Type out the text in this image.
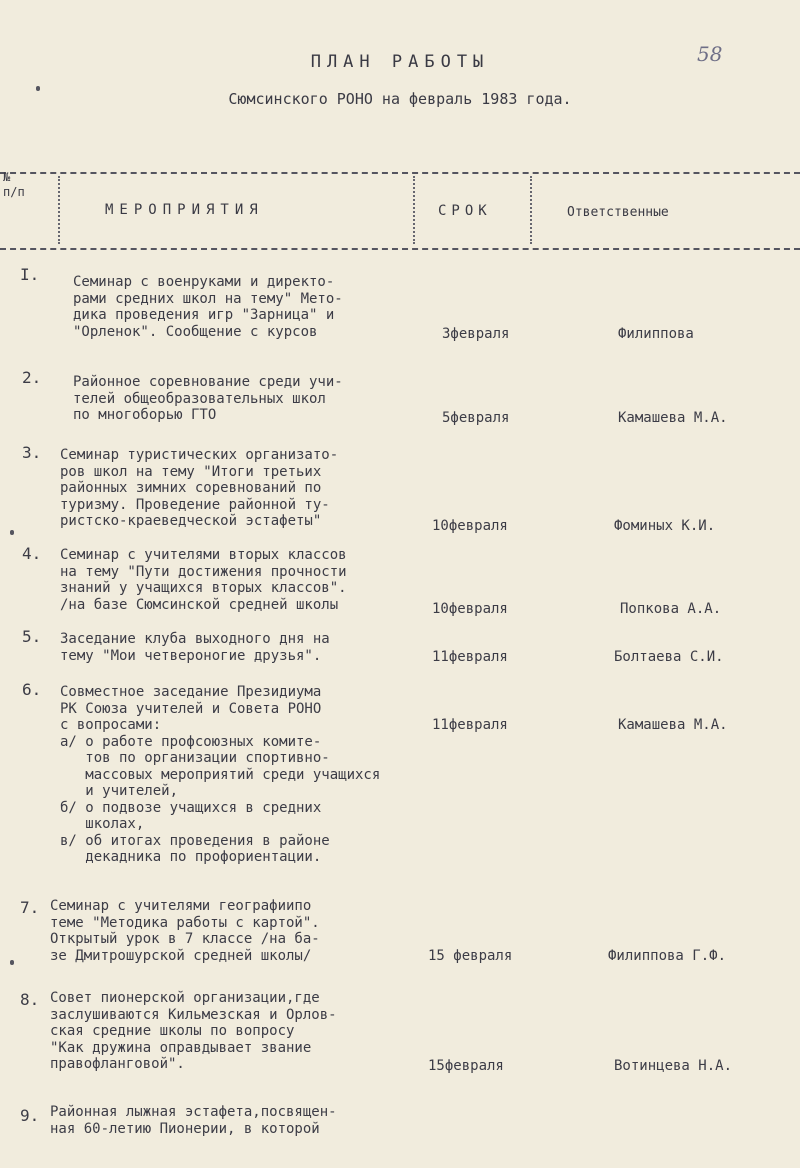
58
ПЛАН РАБОТЫ
Сюмсинского РОНО на февраль 1983 года.
№
п/п
МЕРОПРИЯТИЯ	СРОК	Ответственные
I. Семинар с военруками и директо-
рами средних школ на тему" Мето-
дика проведения игр "Зарница" и
"Орленок". Сообщение с курсов	3февраля	Филиппова
2. Районное соревнование среди учи-
телей общеобразовательных школ
по многоборью ГТО	5февраля	Камашева М.А.
3. Семинар туристических организато-
ров школ на тему "Итоги третьих
районных зимних соревнований по
туризму. Проведение районной ту-
ристско-краеведческой эстафеты"	10февраля	Фоминых К.И.
4. Семинар с учителями вторых классов
на тему "Пути достижения прочности
знаний у учащихся вторых классов".
/на базе Сюмсинской средней школы	10февраля	Попкова А.А.
5. Заседание клуба выходного дня на
тему "Мои четвероногие друзья".	11февраля	Болтаева С.И.
6. Совместное заседание Президиума
РК Союза учителей и Совета РОНО
с вопросами:
а/ о работе профсоюзных комите-
тов по организации спортивно-
массовых мероприятий среди учащихся
и учителей,
б/ о подвозе учащихся в средних
школах,
в/ об итогах проведения в районе
декадника по профориентации.
11февраля	Камашева М.А.
7. Семинар с учителями географиипо
теме "Методика работы с картой".
Открытый урок в 7 классе /на ба-
зе Дмитрошурской средней школы/	15 февраля	Филиппова Г.Ф.
8. Совет пионерской организации,где
заслушиваются Кильмезская и Орлов-
ская средние школы по вопросу
"Как дружина оправдывает звание
правофланговой".	15февраля	Вотинцева Н.А.
9. Районная лыжная эстафета,посвящен-
ная 60-летию Пионерии, в которой
